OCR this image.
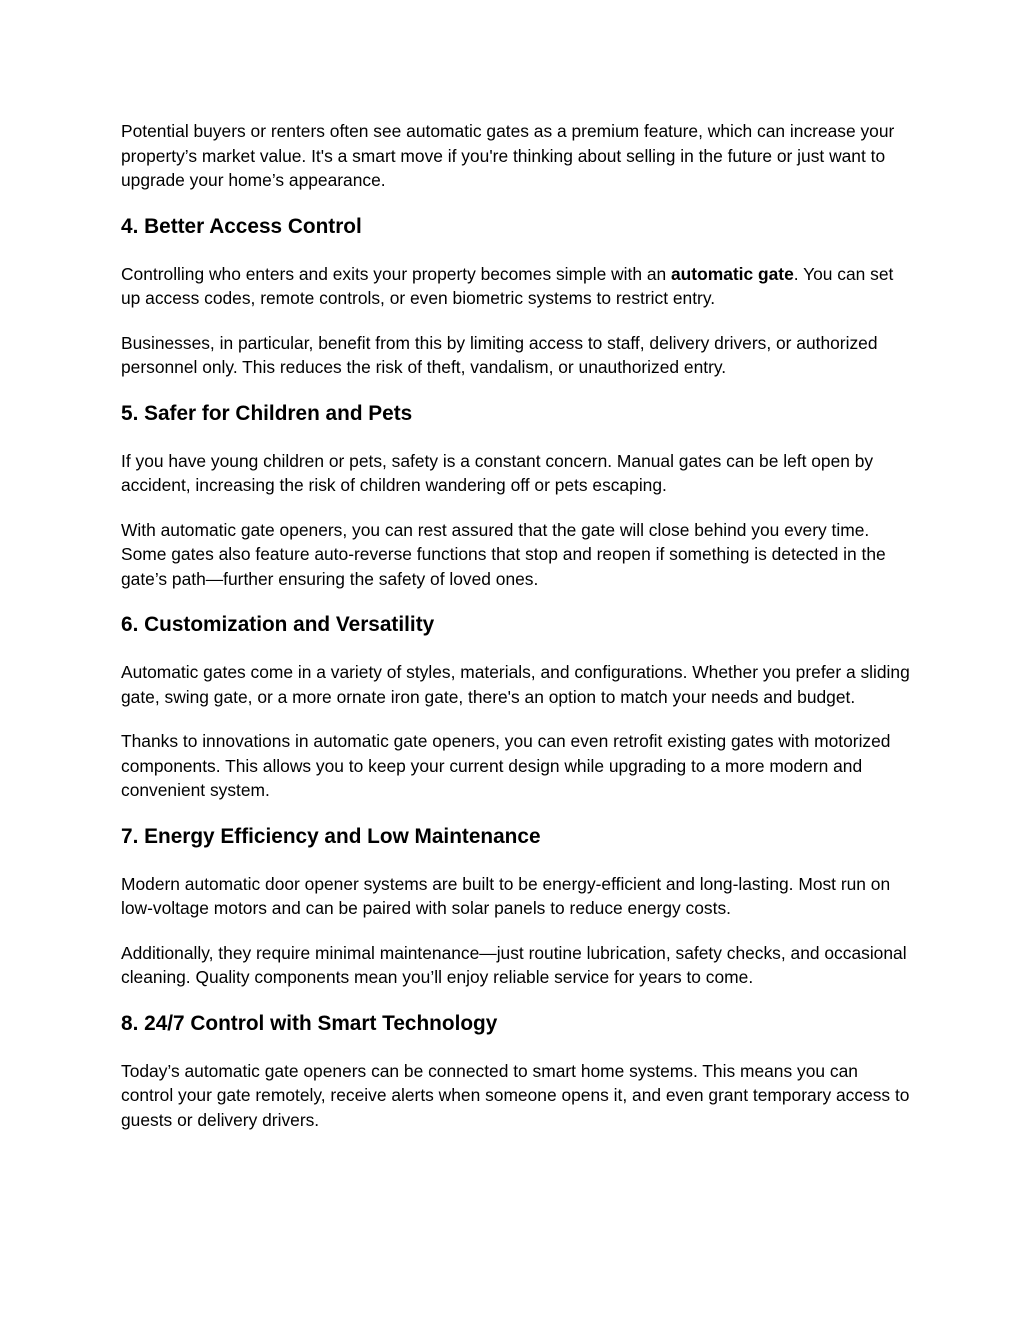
Potential buyers or renters often see automatic gates as a premium feature, which can increase your property’s market value. It's a smart move if you're thinking about selling in the future or just want to upgrade your home’s appearance.

4. Better Access Control

Controlling who enters and exits your property becomes simple with an automatic gate. You can set up access codes, remote controls, or even biometric systems to restrict entry.

Businesses, in particular, benefit from this by limiting access to staff, delivery drivers, or authorized personnel only. This reduces the risk of theft, vandalism, or unauthorized entry.

5. Safer for Children and Pets

If you have young children or pets, safety is a constant concern. Manual gates can be left open by accident, increasing the risk of children wandering off or pets escaping.

With automatic gate openers, you can rest assured that the gate will close behind you every time. Some gates also feature auto-reverse functions that stop and reopen if something is detected in the gate’s path—further ensuring the safety of loved ones.

6. Customization and Versatility

Automatic gates come in a variety of styles, materials, and configurations. Whether you prefer a sliding gate, swing gate, or a more ornate iron gate, there's an option to match your needs and budget.

Thanks to innovations in automatic gate openers, you can even retrofit existing gates with motorized components. This allows you to keep your current design while upgrading to a more modern and convenient system.

7. Energy Efficiency and Low Maintenance

Modern automatic door opener systems are built to be energy-efficient and long-lasting. Most run on low-voltage motors and can be paired with solar panels to reduce energy costs.

Additionally, they require minimal maintenance—just routine lubrication, safety checks, and occasional cleaning. Quality components mean you’ll enjoy reliable service for years to come.

8. 24/7 Control with Smart Technology

Today’s automatic gate openers can be connected to smart home systems. This means you can control your gate remotely, receive alerts when someone opens it, and even grant temporary access to guests or delivery drivers.
